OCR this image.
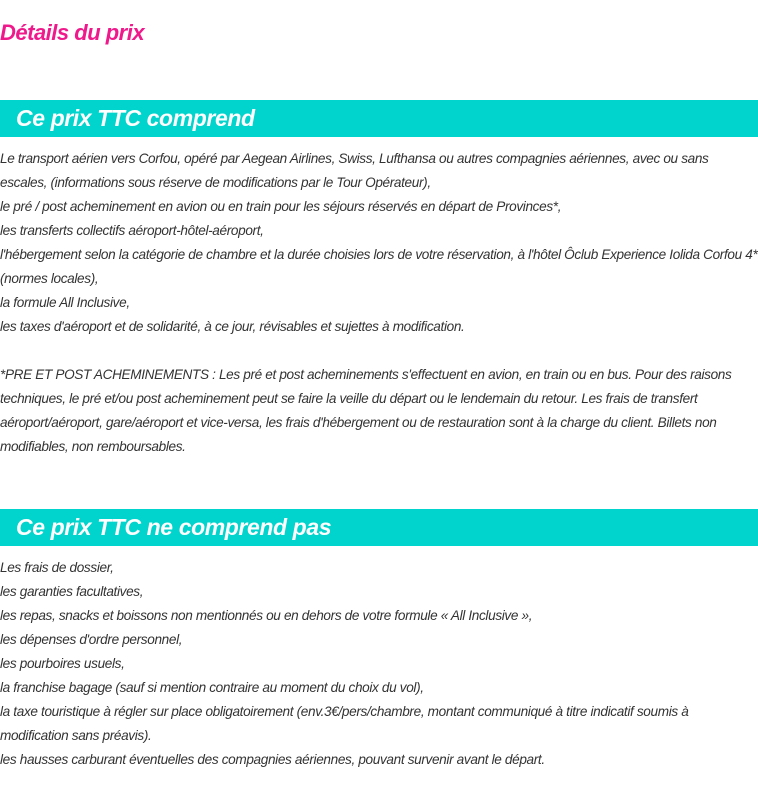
Détails du prix
Ce prix TTC comprend

Le transport aérien vers Corfou, opéré par Aegean Airlines, Swiss, Lufthansa ou autres compagnies aériennes, avec ou sans escales, (informations sous réserve de modifications par le Tour Opérateur),

le pré / post acheminement en avion ou en train pour les séjours réservés en départ de Provinces*,

les transferts collectifs aéroport-hôtel-aéroport,

l'hébergement selon la catégorie de chambre et la durée choisies lors de votre réservation, à l'hôtel Ôclub Experience Iolida Corfou 4* (normes locales),

la formule All Inclusive,

les taxes d'aéroport et de solidarité, à ce jour, révisables et sujettes à modification.

*PRE ET POST ACHEMINEMENTS : Les pré et post acheminements s'effectuent en avion, en train ou en bus. Pour des raisons techniques, le pré et/ou post acheminement peut se faire la veille du départ ou le lendemain du retour. Les frais de transfert aéroport/aéroport, gare/aéroport et vice-versa, les frais d'hébergement ou de restauration sont à la charge du client. Billets non modifiables, non remboursables.

Ce prix TTC ne comprend pas

Les frais de dossier,

les garanties facultatives,

les repas, snacks et boissons non mentionnés ou en dehors de votre formule « All Inclusive »,

les dépenses d'ordre personnel,

les pourboires usuels,

la franchise bagage (sauf si mention contraire au moment du choix du vol),

la taxe touristique à régler sur place obligatoirement (env.3€/pers/chambre, montant communiqué à titre indicatif soumis à modification sans préavis).

les hausses carburant éventuelles des compagnies aériennes, pouvant survenir avant le départ.
